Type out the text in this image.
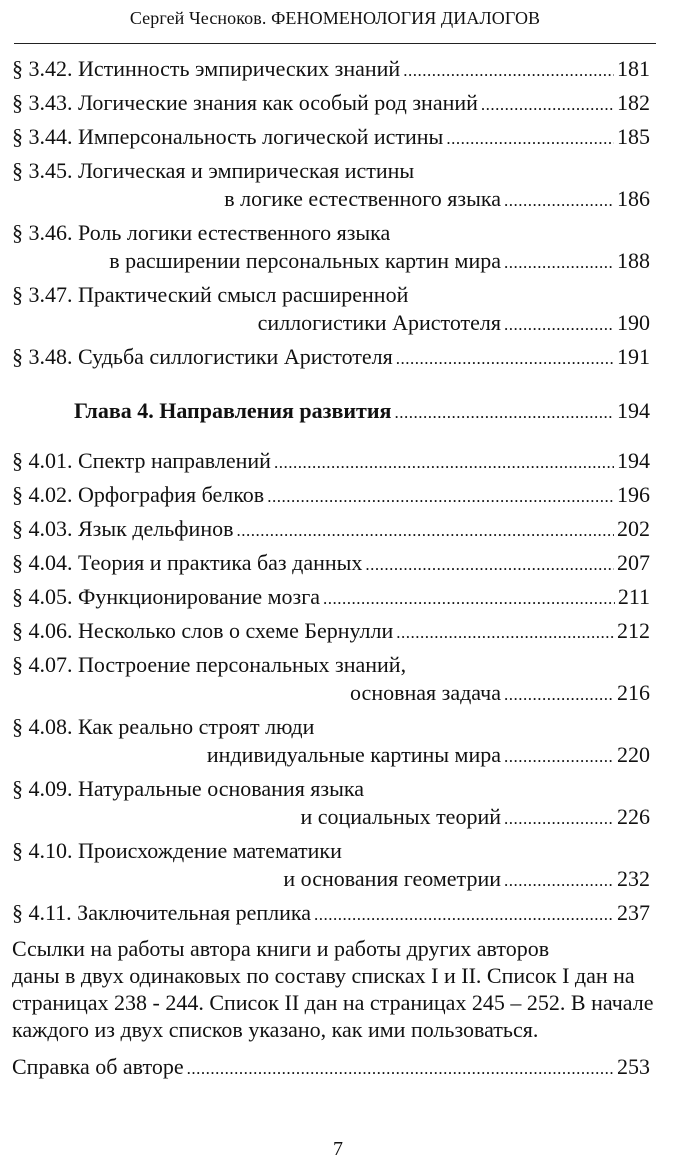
Сергей Чесноков. ФЕНОМЕНОЛОГИЯ ДИАЛОГОВ
§ 3.42. Истинность эмпирических знаний .....	181
§ 3.43. Логические знания как особый род знаний .....	182
§ 3.44. Имперсональность логической истины .....	185
§ 3.45. Логическая и эмпирическая истины
в логике естественного языка .....	186
§ 3.46. Роль логики естественного языка
в расширении персональных картин мира .....	188
§ 3.47. Практический смысл расширенной
силлогистики Аристотеля .....	190
§ 3.48. Судьба силлогистики Аристотеля .....	191
Глава 4. Направления развития .....	194
§ 4.01. Спектр направлений .....	194
§ 4.02. Орфография белков .....	196
§ 4.03. Язык дельфинов .....	202
§ 4.04. Теория и практика баз данных .....	207
§ 4.05. Функционирование мозга .....	211
§ 4.06. Несколько слов о схеме Бернулли .....	212
§ 4.07. Построение персональных знаний,
основная задача .....	216
§ 4.08. Как реально строят люди
индивидуальные картины мира .....	220
§ 4.09. Натуральные основания языка
и социальных теорий .....	226
§ 4.10. Происхождение математики
и основания геометрии .....	232
§ 4.11. Заключительная реплика .....	237
Ссылки на работы автора книги и работы других авторов
даны в двух одинаковых по составу списках I и II. Список I дан на
страницах 238 - 244. Список II дан на страницах 245 – 252. В начале
каждого из двух списков указано, как ими пользоваться.
Справка об авторе .....	253
7
